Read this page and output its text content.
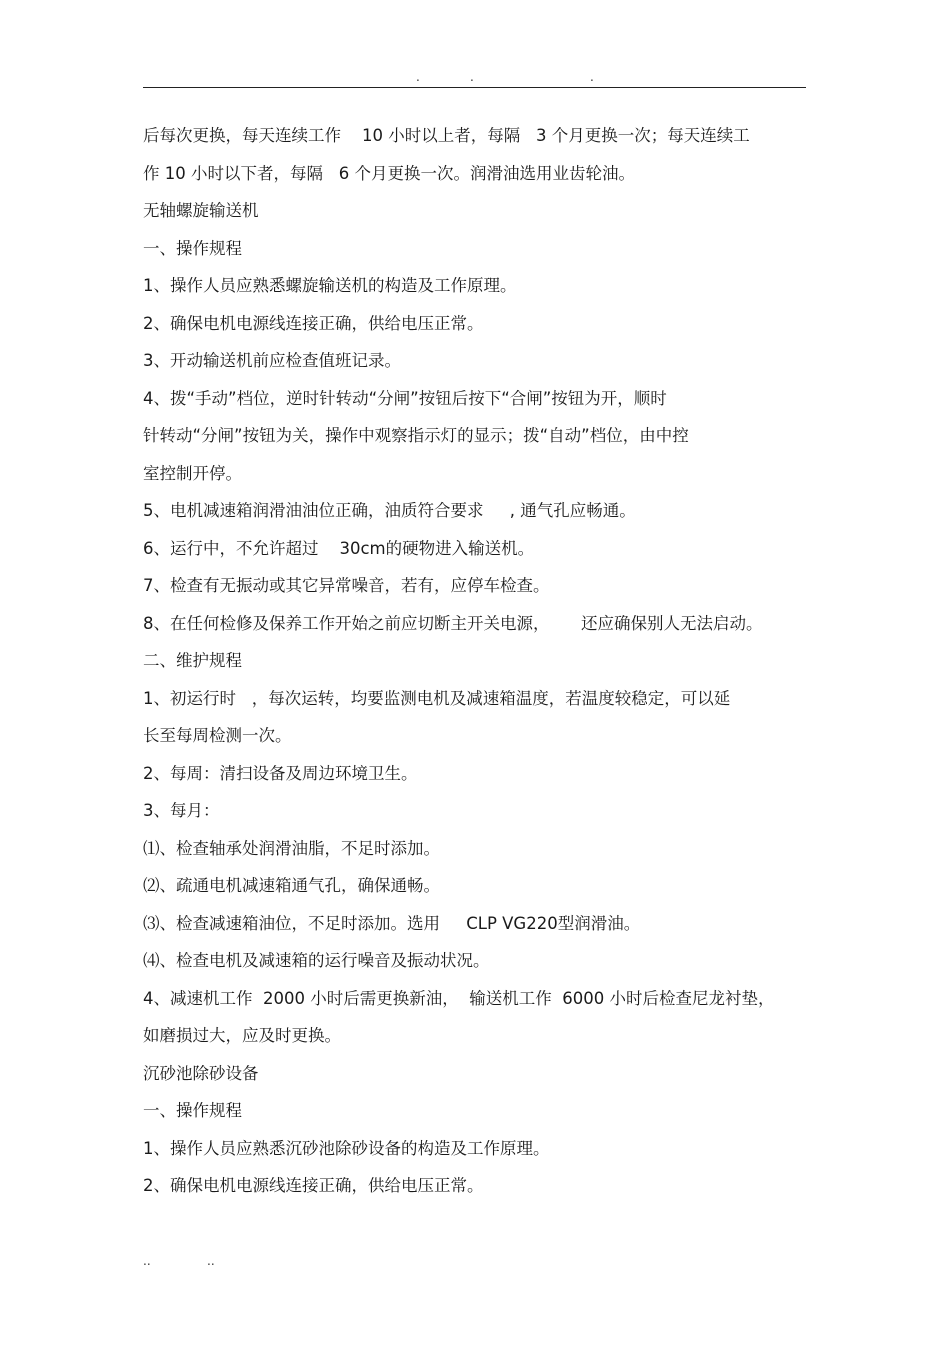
.	.	.
后每次更换，每天连续工作    10 小时以上者，每隔   3 个月更换一次；每天连续工
作 10 小时以下者，每隔   6 个月更换一次。润滑油选用业齿轮油。
无轴螺旋输送机
一、操作规程
1、操作人员应熟悉螺旋输送机的构造及工作原理。
2、确保电机电源线连接正确，供给电压正常。
3、开动输送机前应检查值班记录。
4、拨“手动”档位，逆时针转动“分闸”按钮后按下“合闸”按钮为开，顺时
针转动“分闸”按钮为关，操作中观察指示灯的显示；拨“自动”档位，由中控
室控制开停。
5、电机减速箱润滑油油位正确，油质符合要求     , 通气孔应畅通。
6、运行中，不允许超过    30cm的硬物进入输送机。
7、检查有无振动或其它异常噪音，若有，应停车检查。
8、在任何检修及保养工作开始之前应切断主开关电源，      还应确保别人无法启动。
二、维护规程
1、初运行时   ，每次运转，均要监测电机及减速箱温度，若温度较稳定，可以延
长至每周检测一次。
2、每周：清扫设备及周边环境卫生。
3、每月：
⑴、检查轴承处润滑油脂，不足时添加。
⑵、疏通电机减速箱通气孔，确保通畅。
⑶、检查减速箱油位，不足时添加。选用     CLP VG220型润滑油。
⑷、检查电机及减速箱的运行噪音及振动状况。
4、减速机工作  2000 小时后需更换新油，  输送机工作  6000 小时后检查尼龙衬垫，
如磨损过大，应及时更换。
沉砂池除砂设备
一、操作规程
1、操作人员应熟悉沉砂池除砂设备的构造及工作原理。
2、确保电机电源线连接正确，供给电压正常。
..	..
